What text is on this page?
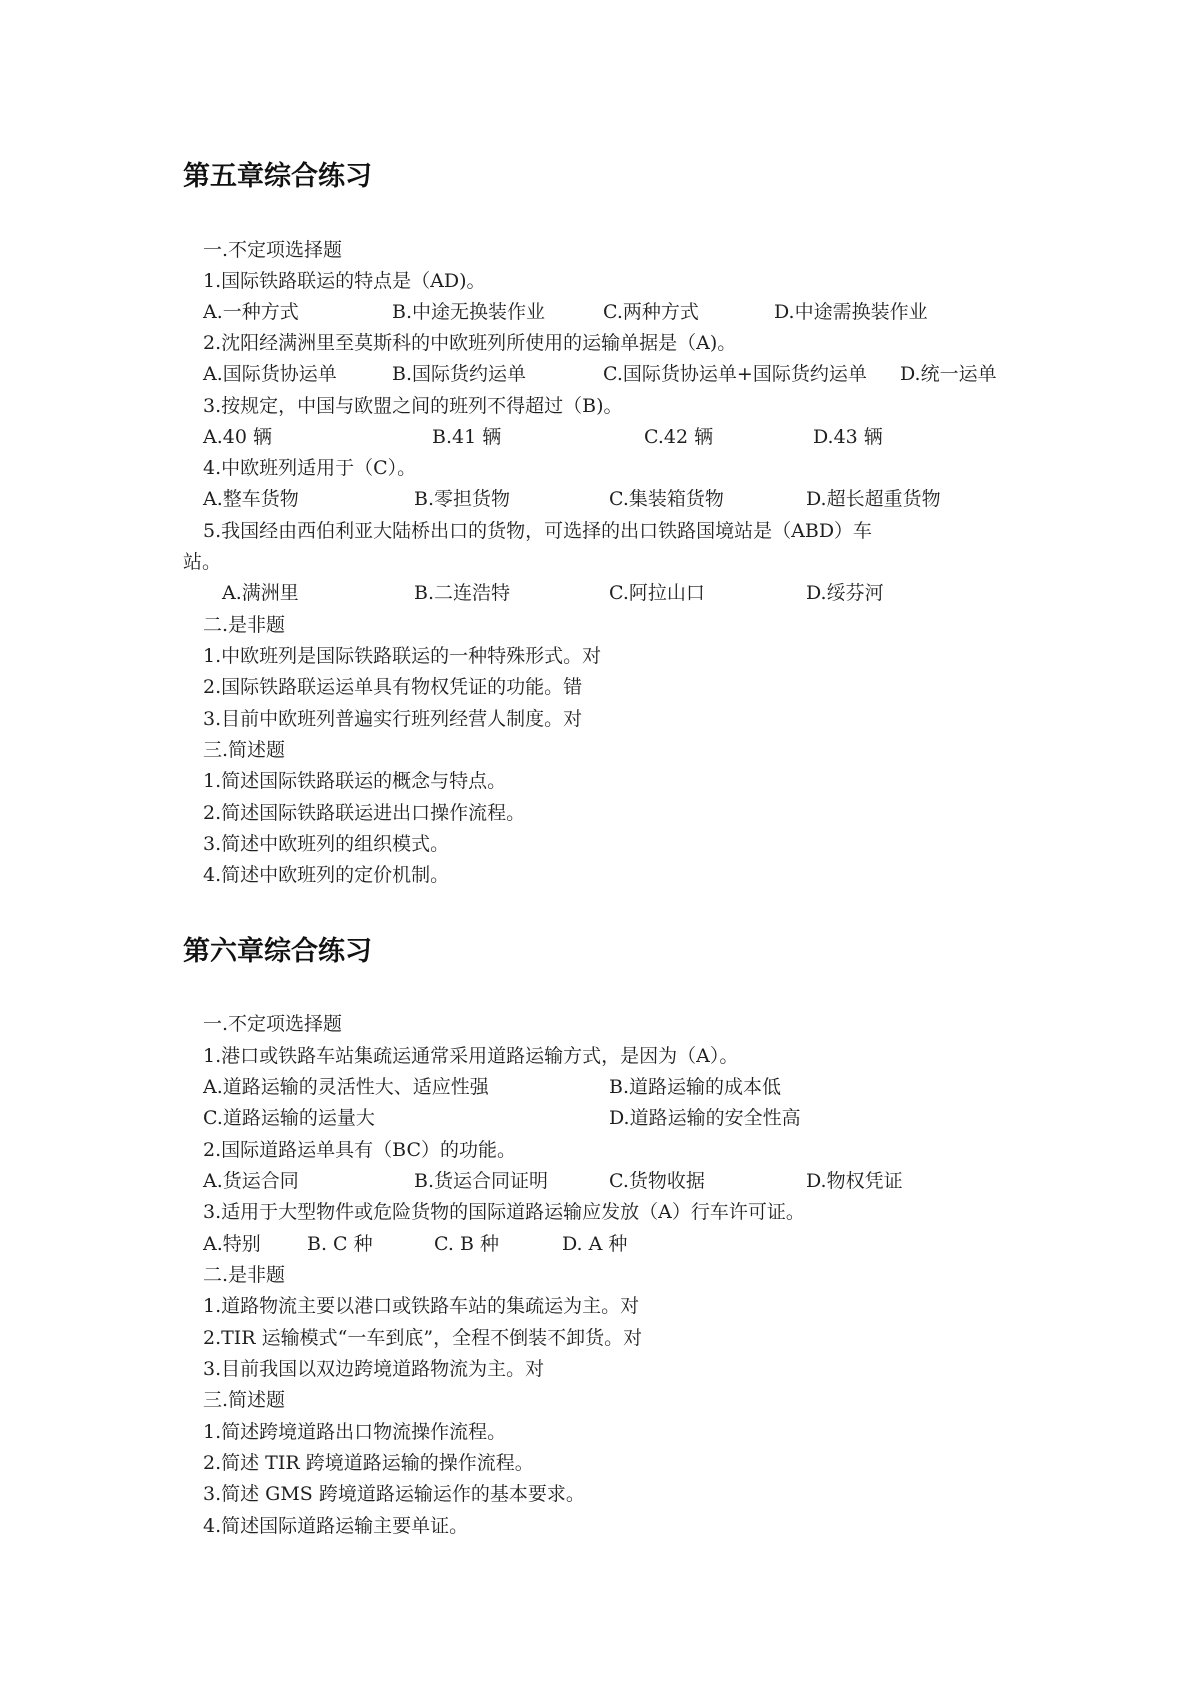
第五章综合练习
一.不定项选择题
1.国际铁路联运的特点是（AD)。
A.一种方式	B.中途无换装作业	C.两种方式	D.中途需换装作业
2.沈阳经满洲里至莫斯科的中欧班列所使用的运输单据是（A)。
A.国际货协运单	B.国际货约运单	C.国际货协运单+国际货约运单 D.统一运单
3.按规定，中国与欧盟之间的班列不得超过（B)。
A.40 辆	B.41 辆	C.42 辆	D.43 辆
4.中欧班列适用于（C）。
A.整车货物	B.零担货物	C.集装箱货物	D.超长超重货物
5.我国经由西伯利亚大陆桥出口的货物，可选择的出口铁路国境站是（ABD）车
站。
A.满洲里	B.二连浩特	C.阿拉山口	D.绥芬河
二.是非题
1.中欧班列是国际铁路联运的一种特殊形式。对
2.国际铁路联运运单具有物权凭证的功能。错
3.目前中欧班列普遍实行班列经营人制度。对
三.简述题
1.简述国际铁路联运的概念与特点。
2.简述国际铁路联运进出口操作流程。
3.简述中欧班列的组织模式。
4.简述中欧班列的定价机制。
第六章综合练习
一.不定项选择题
1.港口或铁路车站集疏运通常采用道路运输方式，是因为（A）。
A.道路运输的灵活性大、适应性强	B.道路运输的成本低
C.道路运输的运量大	D.道路运输的安全性高
2.国际道路运单具有（BC）的功能。
A.货运合同	B.货运合同证明	C.货物收据	D.物权凭证
3.适用于大型物件或危险货物的国际道路运输应发放（A）行车许可证。
A.特别 B. C 种	C. B 种	D. A 种
二.是非题
1.道路物流主要以港口或铁路车站的集疏运为主。对
2.TIR 运输模式“一车到底”，全程不倒装不卸货。对
3.目前我国以双边跨境道路物流为主。对
三.简述题
1.简述跨境道路出口物流操作流程。
2.简述 TIR 跨境道路运输的操作流程。
3.简述 GMS 跨境道路运输运作的基本要求。
4.简述国际道路运输主要单证。
